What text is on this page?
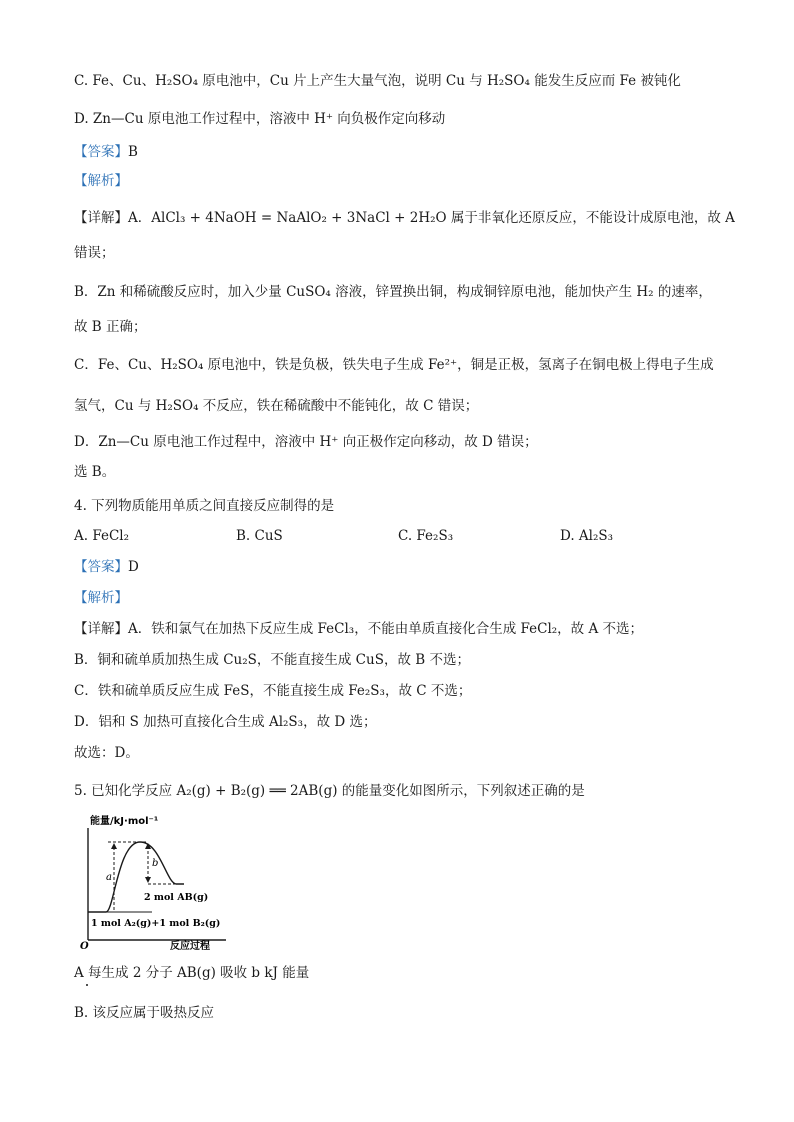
C. Fe、Cu、H₂SO₄ 原电池中，Cu 片上产生大量气泡，说明 Cu 与 H₂SO₄ 能发生反应而 Fe 被钝化
D. Zn—Cu 原电池工作过程中，溶液中 H⁺ 向负极作定向移动
【答案】B
【解析】
【详解】A．AlCl₃ + 4NaOH = NaAlO₂ + 3NaCl + 2H₂O 属于非氧化还原反应，不能设计成原电池，故 A
错误；
B．Zn 和稀硫酸反应时，加入少量 CuSO₄ 溶液，锌置换出铜，构成铜锌原电池，能加快产生 H₂ 的速率，
故 B 正确；
C．Fe、Cu、H₂SO₄ 原电池中，铁是负极，铁失电子生成 Fe²⁺，铜是正极，氢离子在铜电极上得电子生成
氢气，Cu 与 H₂SO₄ 不反应，铁在稀硫酸中不能钝化，故 C 错误；
D．Zn—Cu 原电池工作过程中，溶液中 H⁺ 向正极作定向移动，故 D 错误；
选 B。
4. 下列物质能用单质之间直接反应制得的是
A. FeCl₂	B. CuS	C. Fe₂S₃	D. Al₂S₃
【答案】D
【解析】
【详解】A．铁和氯气在加热下反应生成 FeCl₃，不能由单质直接化合生成 FeCl₂，故 A 不选；
B．铜和硫单质加热生成 Cu₂S，不能直接生成 CuS，故 B 不选；
C．铁和硫单质反应生成 FeS，不能直接生成 Fe₂S₃，故 C 不选；
D．铝和 S 加热可直接化合生成 Al₂S₃，故 D 选；
故选：D。
5. 已知化学反应 A₂(g) + B₂(g) ══ 2AB(g) 的能量变化如图所示，下列叙述正确的是
能量/kJ·mol⁻¹
a
b
2 mol AB(g)
1 mol A₂(g)+1 mol B₂(g)
O	反应过程
A 每生成 2 分子 AB(g) 吸收 b kJ 能量
B. 该反应属于吸热反应
